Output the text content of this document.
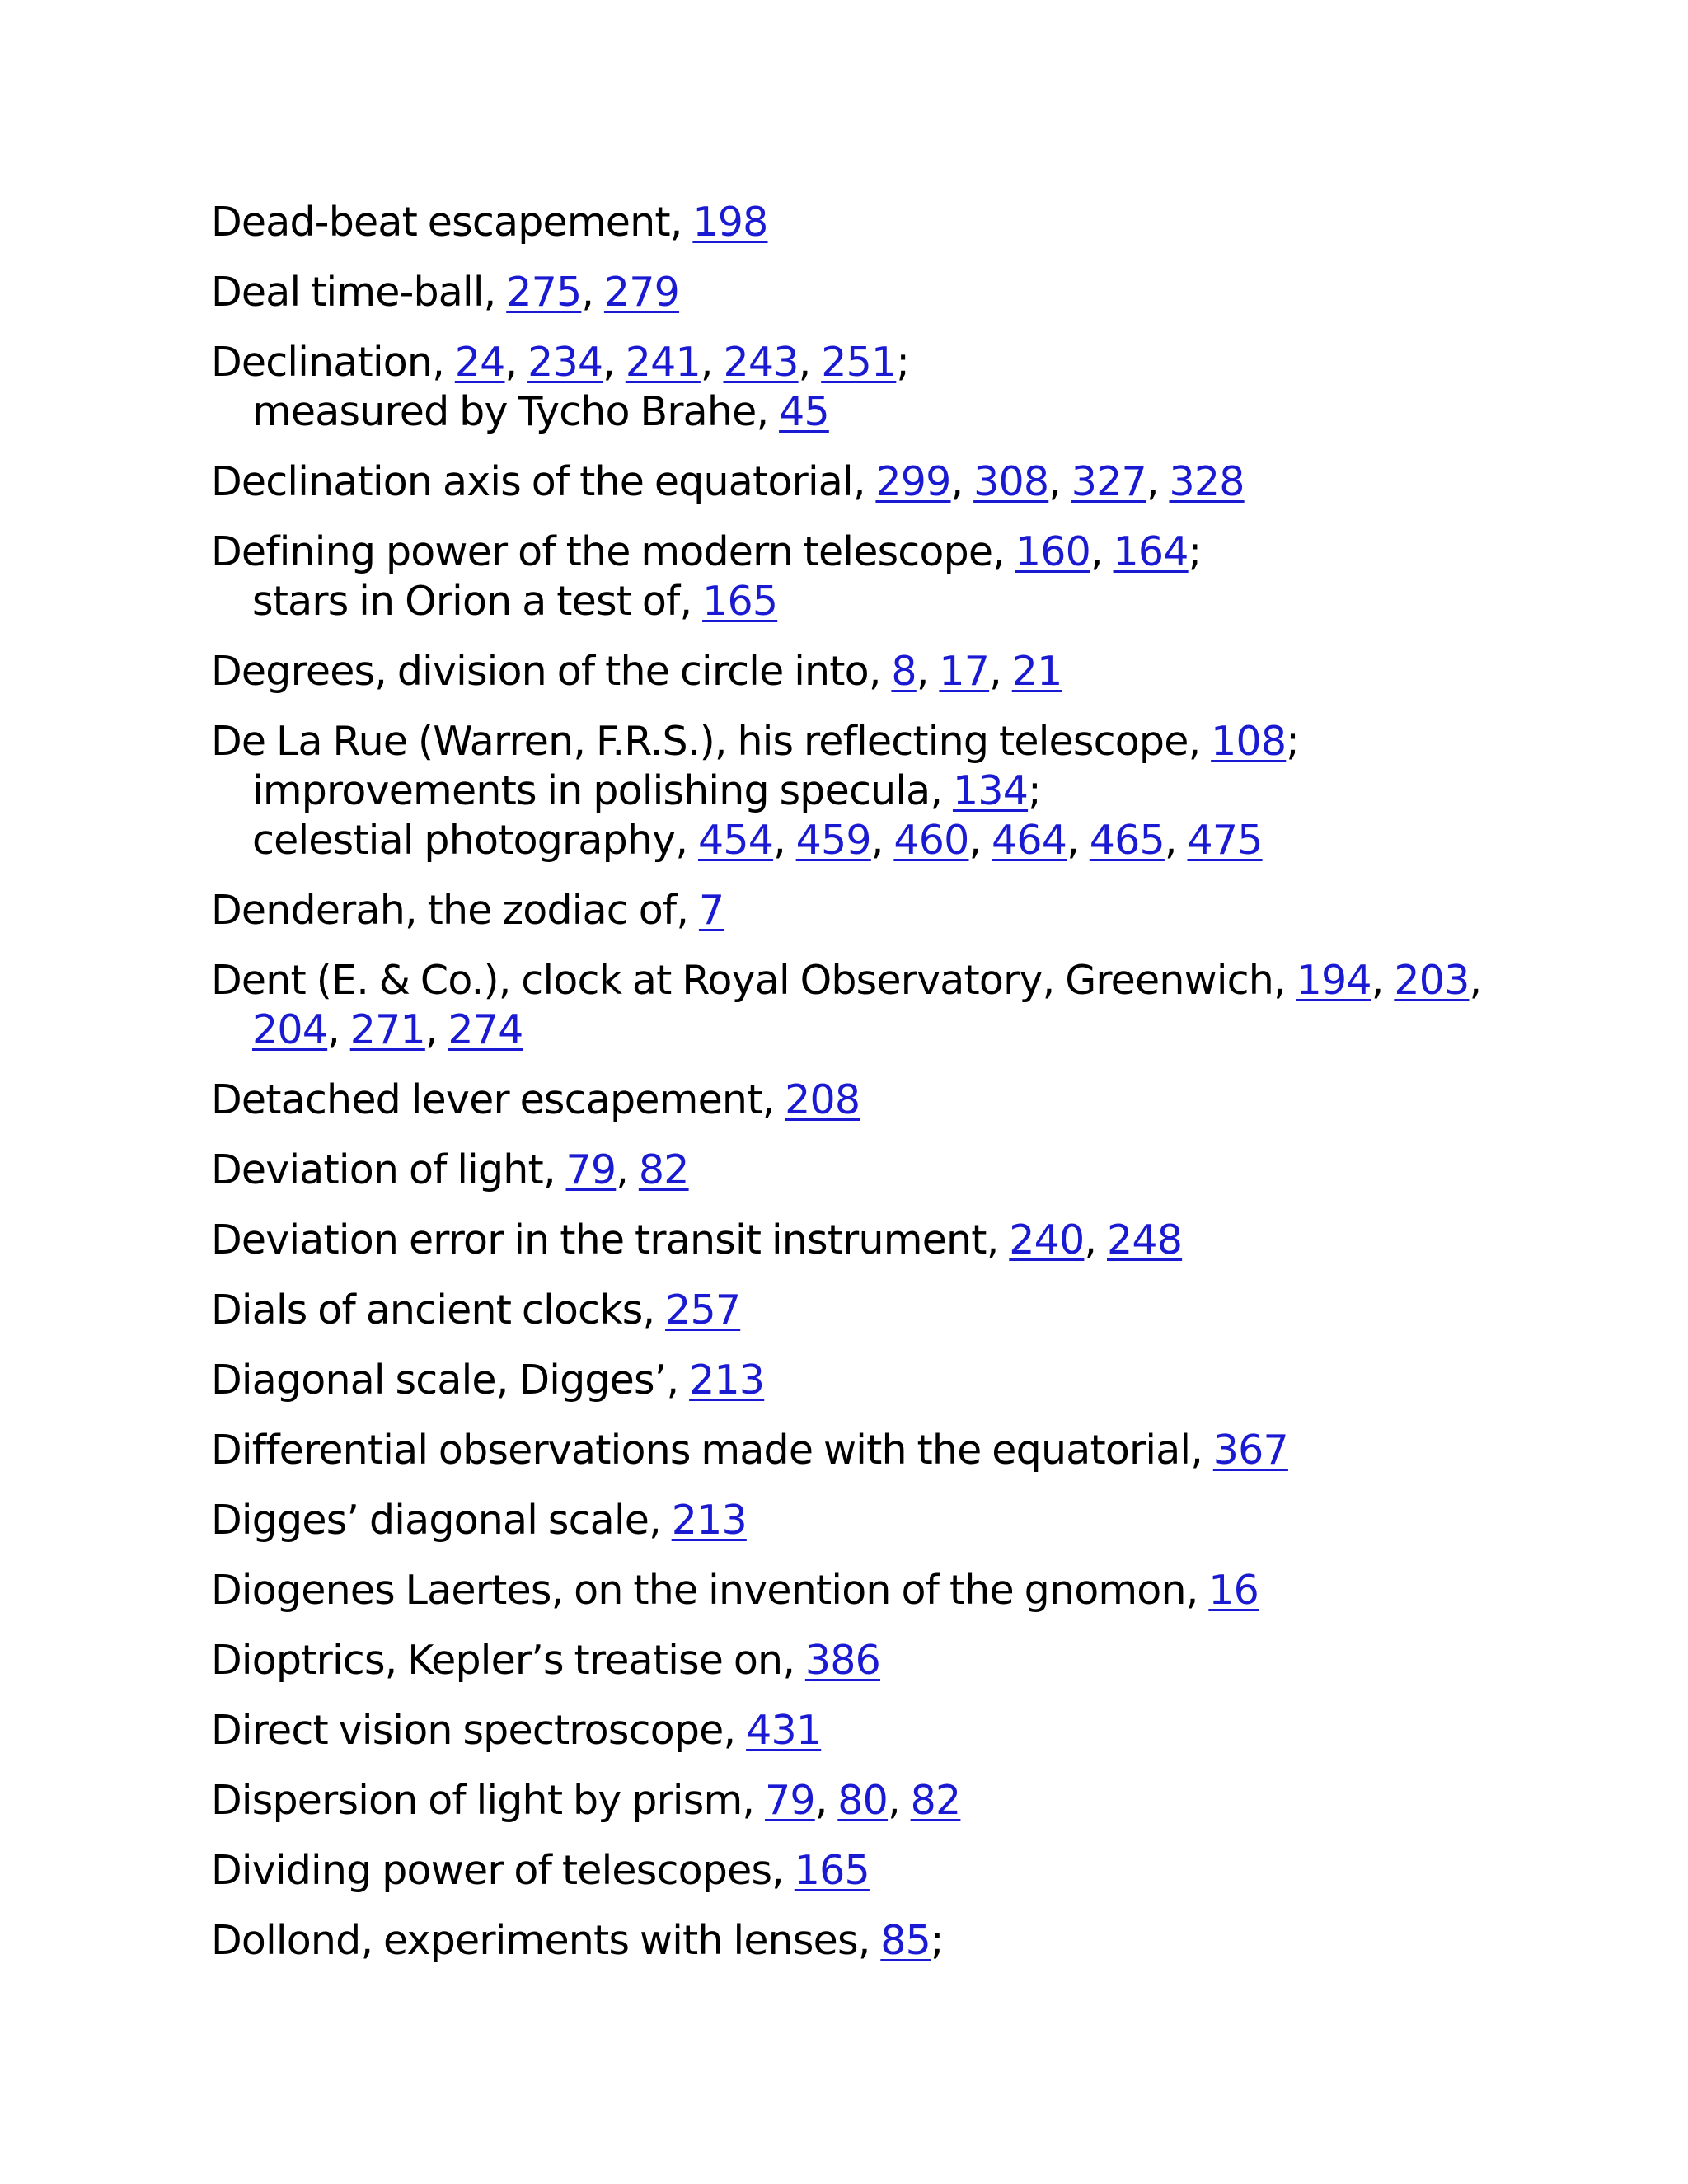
Dead-beat escapement, 198

Deal time-ball, 275, 279

Declination, 24, 234, 241, 243, 251;
measured by Tycho Brahe, 45

Declination axis of the equatorial, 299, 308, 327, 328

Defining power of the modern telescope, 160, 164;
stars in Orion a test of, 165

Degrees, division of the circle into, 8, 17, 21

De La Rue (Warren, F.R.S.), his reflecting telescope, 108;
improvements in polishing specula, 134;
celestial photography, 454, 459, 460, 464, 465, 475

Denderah, the zodiac of, 7

Dent (E. & Co.), clock at Royal Observatory, Greenwich, 194, 203,
204, 271, 274

Detached lever escapement, 208

Deviation of light, 79, 82

Deviation error in the transit instrument, 240, 248

Dials of ancient clocks, 257

Diagonal scale, Digges’, 213

Differential observations made with the equatorial, 367

Digges’ diagonal scale, 213

Diogenes Laertes, on the invention of the gnomon, 16

Dioptrics, Kepler’s treatise on, 386

Direct vision spectroscope, 431

Dispersion of light by prism, 79, 80, 82

Dividing power of telescopes, 165

Dollond, experiments with lenses, 85;
